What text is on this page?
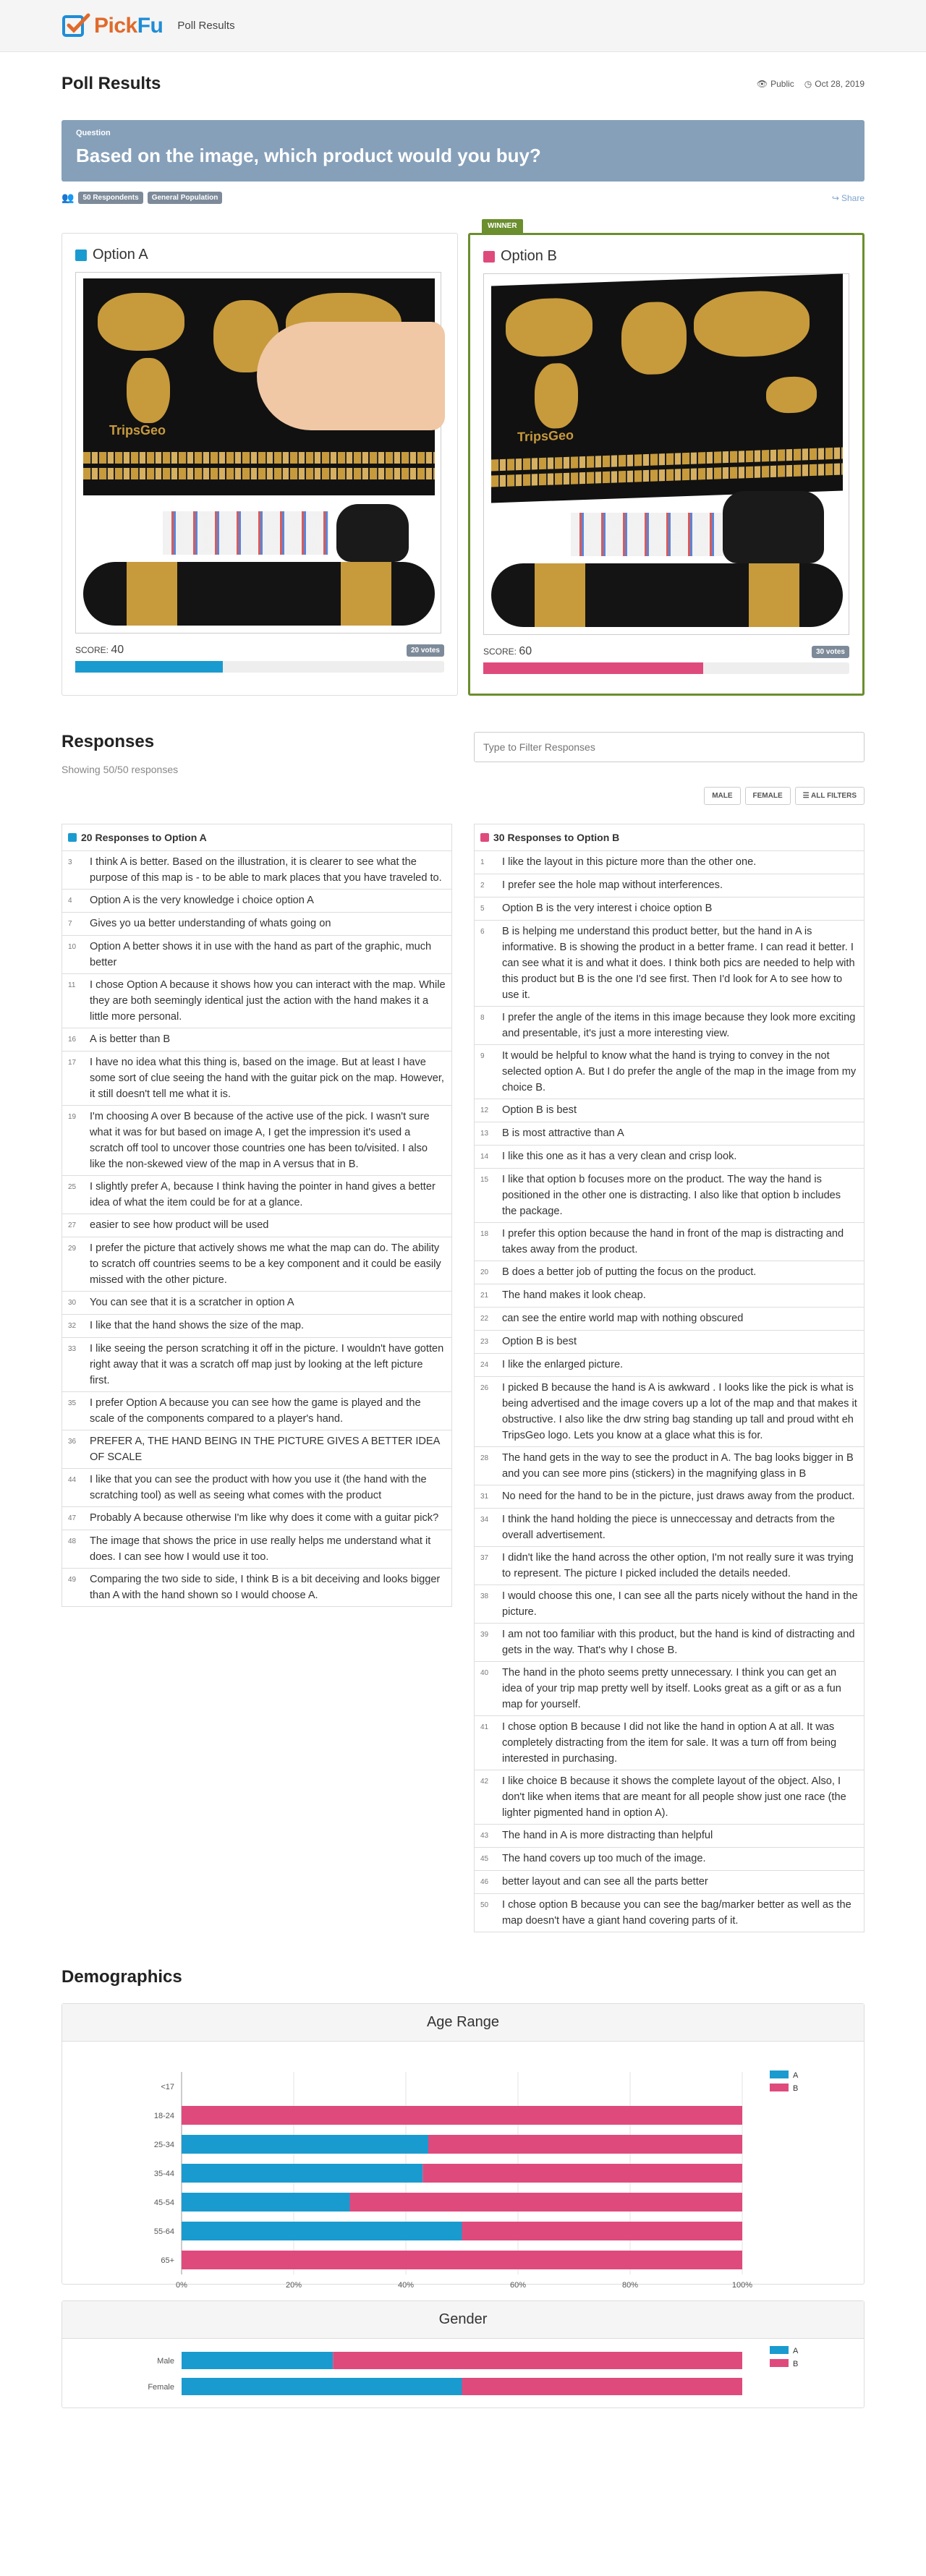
PickFu Poll Results
Poll Results	👁 Public ◷ Oct 28, 2019
Question
Based on the image, which product would you buy?
👥	50 Respondents	General Population	↪ Share
Option A
TripsGeo
SCORE: 40	20 votes
WINNER
Option B
TripsGeo
SCORE: 60	30 votes
Responses
Showing 50/50 responses
Type to Filter Responses
MALE	FEMALE	☰ ALL FILTERS
20 Responses to Option A
3	I think A is better. Based on the illustration, it is clearer to see what the purpose of this map is - to be able to mark places that you have traveled to.
4	Option A is the very knowledge i choice option A
7	Gives yo ua better understanding of whats going on
10	Option A better shows it in use with the hand as part of the graphic, much better
11	I chose Option A because it shows how you can interact with the map. While they are both seemingly identical just the action with the hand makes it a little more personal.
16	A is better than B
17	I have no idea what this thing is, based on the image. But at least I have some sort of clue seeing the hand with the guitar pick on the map. However, it still doesn't tell me what it is.
19	I'm choosing A over B because of the active use of the pick. I wasn't sure what it was for but based on image A, I get the impression it's used a scratch off tool to uncover those countries one has been to/visited. I also like the non-skewed view of the map in A versus that in B.
25	I slightly prefer A, because I think having the pointer in hand gives a better idea of what the item could be for at a glance.
27	easier to see how product will be used
29	I prefer the picture that actively shows me what the map can do. The ability to scratch off countries seems to be a key component and it could be easily missed with the other picture.
30	You can see that it is a scratcher in option A
32	I like that the hand shows the size of the map.
33	I like seeing the person scratching it off in the picture. I wouldn't have gotten right away that it was a scratch off map just by looking at the left picture first.
35	I prefer Option A because you can see how the game is played and the scale of the components compared to a player's hand.
36	PREFER A, THE HAND BEING IN THE PICTURE GIVES A BETTER IDEA OF SCALE
44	I like that you can see the product with how you use it (the hand with the scratching tool) as well as seeing what comes with the product
47	Probably A because otherwise I'm like why does it come with a guitar pick?
48	The image that shows the price in use really helps me understand what it does. I can see how I would use it too.
49	Comparing the two side to side, I think B is a bit deceiving and looks bigger than A with the hand shown so I would choose A.
30 Responses to Option B
1	I like the layout in this picture more than the other one.
2	I prefer see the hole map without interferences.
5	Option B is the very interest i choice option B
6	B is helping me understand this product better, but the hand in A is informative. B is showing the product in a better frame. I can read it better. I can see what it is and what it does. I think both pics are needed to help with this product but B is the one I'd see first. Then I'd look for A to see how to use it.
8	I prefer the angle of the items in this image because they look more exciting and presentable, it's just a more interesting view.
9	It would be helpful to know what the hand is trying to convey in the not selected option A. But I do prefer the angle of the map in the image from my choice B.
12	Option B is best
13	B is most attractive than A
14	I like this one as it has a very clean and crisp look.
15	I like that option b focuses more on the product. The way the hand is positioned in the other one is distracting. I also like that option b includes the package.
18	I prefer this option because the hand in front of the map is distracting and takes away from the product.
20	B does a better job of putting the focus on the product.
21	The hand makes it look cheap.
22	can see the entire world map with nothing obscured
23	Option B is best
24	I like the enlarged picture.
26	I picked B because the hand is A is awkward . I looks like the pick is what is being advertised and the image covers up a lot of the map and that makes it obstructive. I also like the drw string bag standing up tall and proud witht eh TripsGeo logo. Lets you know at a glace what this is for.
28	The hand gets in the way to see the product in A. The bag looks bigger in B and you can see more pins (stickers) in the magnifying glass in B
31	No need for the hand to be in the picture, just draws away from the product.
34	I think the hand holding the piece is unneccessay and detracts from the overall advertisement.
37	I didn't like the hand across the other option, I'm not really sure it was trying to represent. The picture I picked included the details needed.
38	I would choose this one, I can see all the parts nicely without the hand in the picture.
39	I am not too familiar with this product, but the hand is kind of distracting and gets in the way. That's why I chose B.
40	The hand in the photo seems pretty unnecessary. I think you can get an idea of your trip map pretty well by itself. Looks great as a gift or as a fun map for yourself.
41	I chose option B because I did not like the hand in option A at all. It was completely distracting from the item for sale. It was a turn off from being interested in purchasing.
42	I like choice B because it shows the complete layout of the object. Also, I don't like when items that are meant for all people show just one race (the lighter pigmented hand in option A).
43	The hand in A is more distracting than helpful
45	The hand covers up too much of the image.
46	better layout and can see all the parts better
50	I chose option B because you can see the bag/marker better as well as the map doesn't have a giant hand covering parts of it.
Demographics
Age Range
<17
18-24
25-34
35-44
45-54
55-64
65+
0%	20%	40%	60%	80%	100%
A
B
Gender
Male
Female
A
B
